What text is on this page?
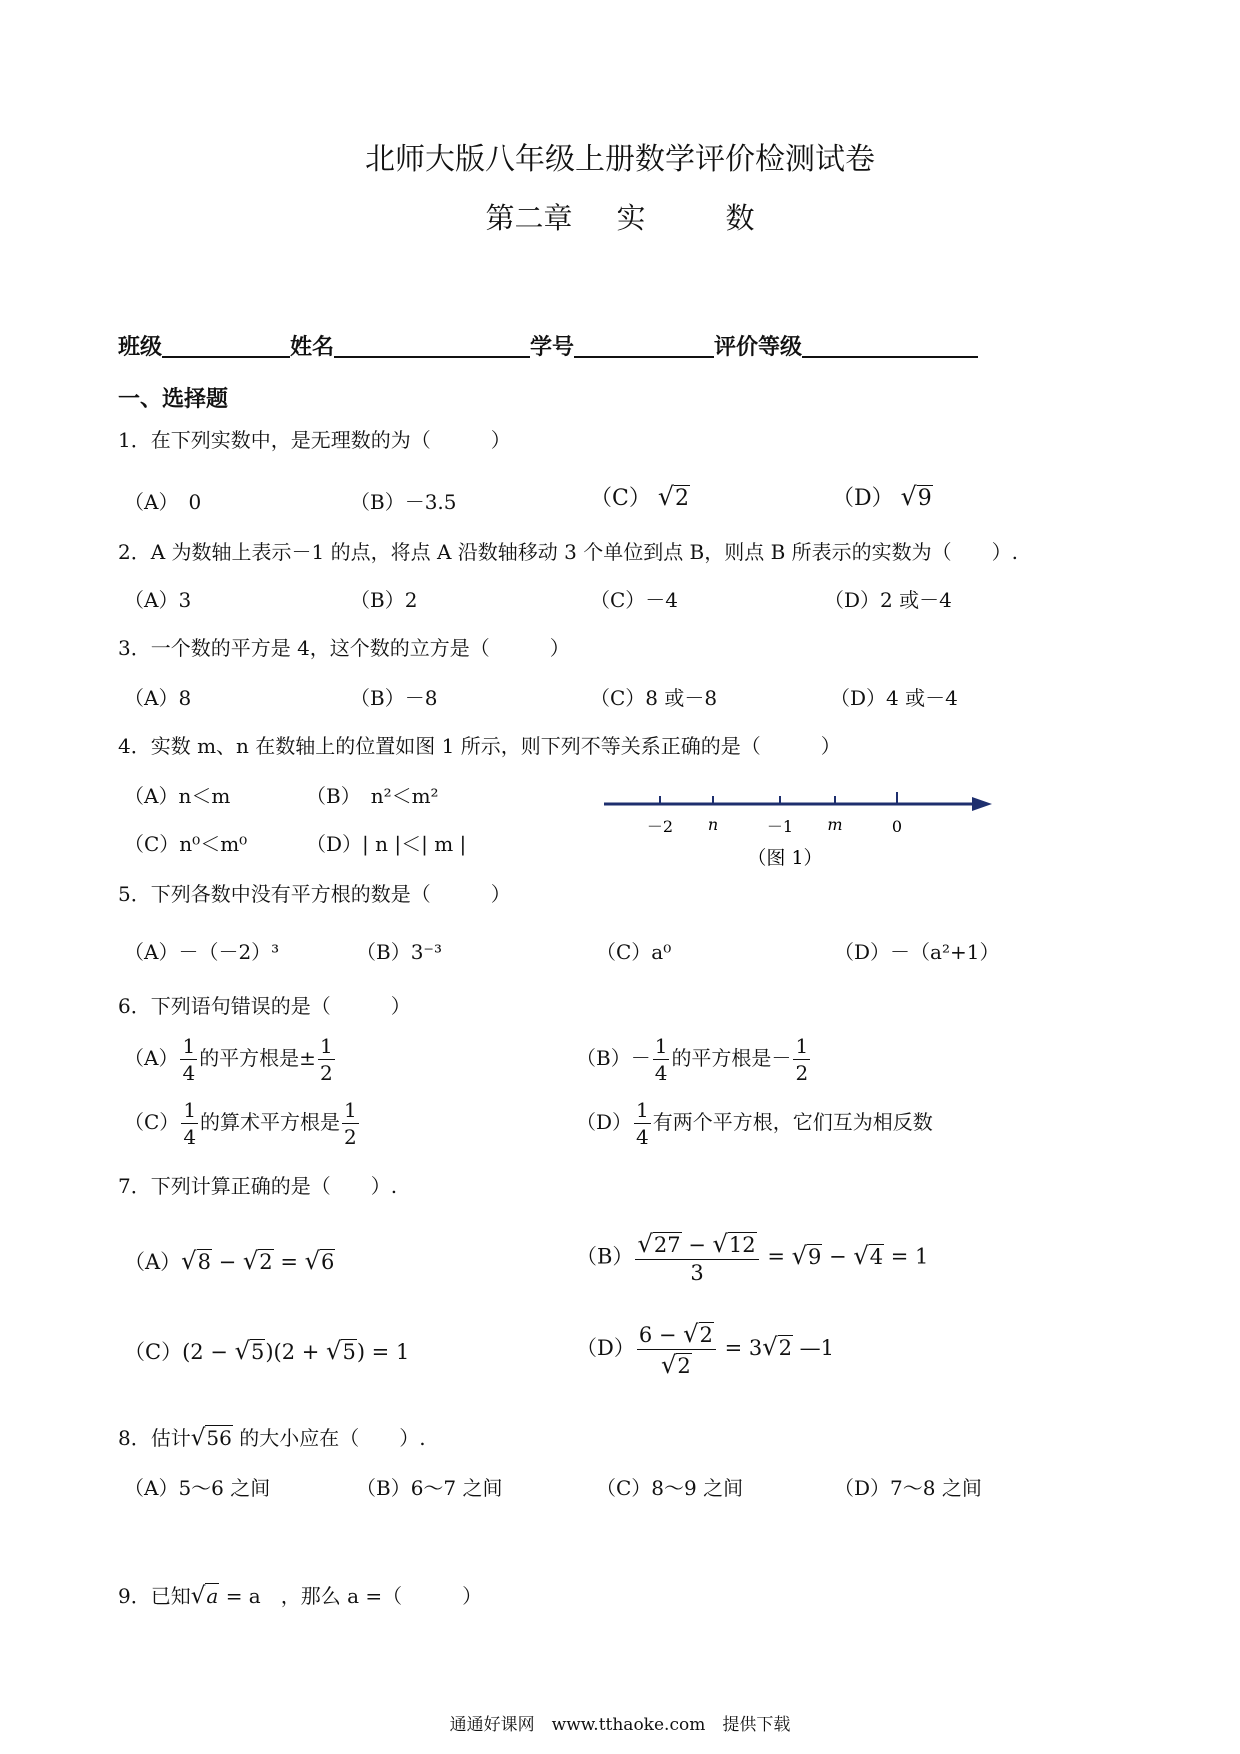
北师大版八年级上册数学评价检测试卷
第二章 实	数
班级	姓名	学号	评价等级
一、选择题
1．在下列实数中，是无理数的为（　　　）
（A）　0	（B）－3.5	（C） √2	（D） √9
2．A 为数轴上表示－1 的点，将点 A 沿数轴移动 3 个单位到点 B，则点 B 所表示的实数为（　　）.
（A）3	（B）2	（C）－4	（D）2 或－4
3．一个数的平方是 4，这个数的立方是（　　　）
（A）8	（B）－8	（C）8 或－8	（D）4 或－4
4．实数 m、n 在数轴上的位置如图 1 所示，则下列不等关系正确的是（　　　）
（A）n＜m	（B）　n²＜m²
（C）n⁰＜m⁰	（D）| n |＜| m |
－2 n	－1 m	0
（图 1）
5．下列各数中没有平方根的数是（　　　）
（A）－（－2）³	（B）3⁻³	（C）a⁰	（D）－（a²+1）
6．下列语句错误的是（　　　）
$(A) \frac{1}{4}$ 的平方根是± $\frac{1}{2}$	$(B)- \frac{1}{4}$ 的平方根是－ $\frac{1}{2}$
$(C) \frac{1}{4}$ 的算术平方根是 $\frac{1}{2}$	$(D) \frac{1}{4}$ 有两个平方根，它们互为相反数
7．下列计算正确的是（　　）.
（A）√8 − √2 = √6	$(B) \frac{√27 - √12}{3} = √9 - √4 = 1$
（C）(2 − √5)(2 + √5) = 1	$(D) \frac{6 - √2}{√2} = 3√2$ —1
8．估计√56 的大小应在（　　）.
（A）5～6 之间	（B）6～7 之间	（C）8～9 之间	（D）7～8 之间
9．已知√a = a　，那么 a =（　　　）
通通好课网　www.tthaoke.com　提供下载
